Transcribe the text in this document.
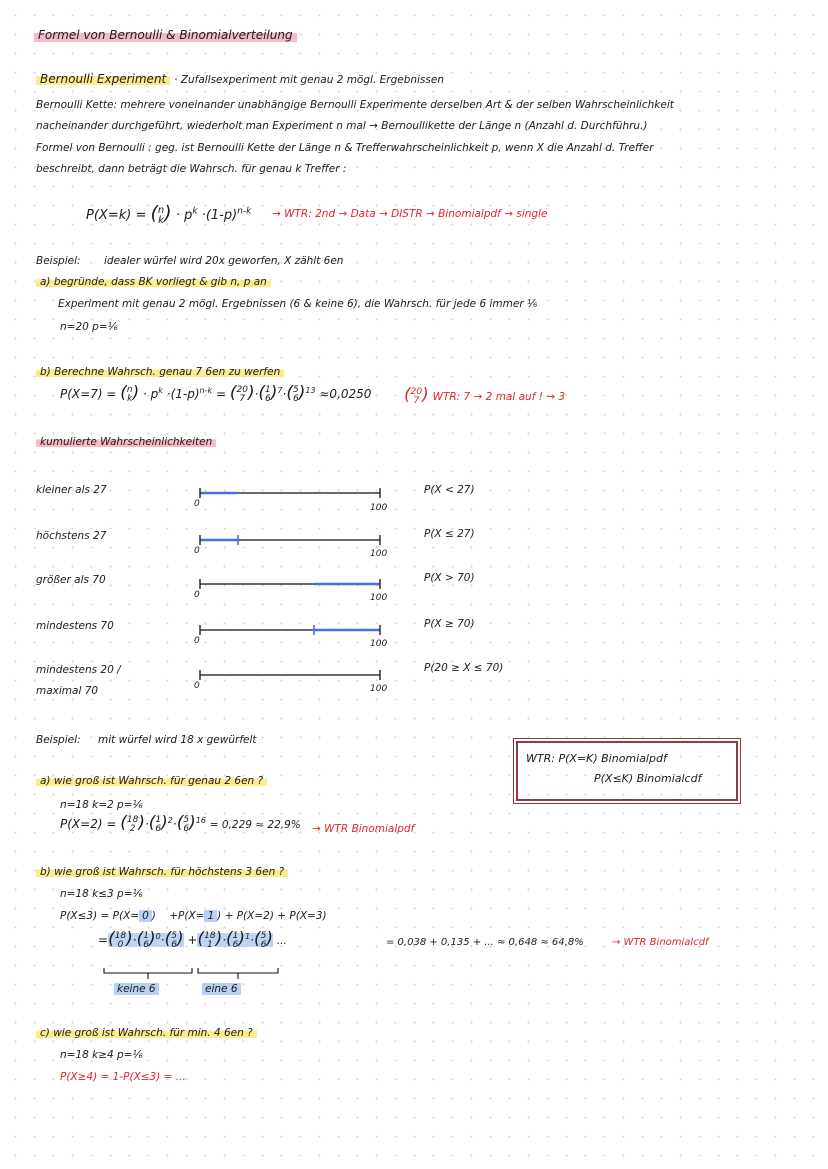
Formel von Bernoulli & Binomialverteilung
Bernoulli Experiment · Zufallsexperiment mit genau 2 mögl. Ergebnissen
Bernoulli Kette: mehrere voneinander unabhängige Bernoulli Experimente derselben Art & der selben Wahrscheinlichkeit
nacheinander durchgeführt, wiederholt man Experiment n mal → Bernoullikette der Länge n (Anzahl d. Durchführu.)
Formel von Bernoulli : geg. ist Bernoulli Kette der Länge n & Trefferwahrscheinlichkeit p, wenn X die Anzahl d. Treffer
beschreibt, dann beträgt die Wahrsch. für genau k Treffer :
P(X=k) = (n
$k) \cdot p^k \cdot(1-p)^{n-k}$ → WTR: 2nd → Data → DISTR → Binomialpdf → single
Beispiel: idealer würfel wird 20x geworfen, X zählt 6en
a) begründe, dass BK vorliegt & gib n, p an
Experiment mit genau 2 mögl. Ergebnissen (6 & keine 6), die Wahrsch. für jede 6 immer ⅙
n=20 p=⅙
b) Berechne Wahrsch. genau 7 6en zu werfen
P(X=7) = (n
$k) \cdot p^k \cdot(1-p)^{n-k} = (20$
7 )·(1
6)$^7$·(5
6)$^{13}$ ≈0,0250 (20
7 ) WTR: 7 → 2 mal auf ! → 3
kumulierte Wahrscheinlichkeiten
kleiner als 27
0	100
P(X < 27)
höchstens 27
0	100
P(X ≤ 27)
größer als 70
0	100
P(X > 70)
mindestens 70
0	100
P(X ≥ 70)
mindestens 20 /
maximal 70	0	100
P(20 ≥ X ≤ 70)
Beispiel: mit würfel wird 18 x gewürfelt
WTR: P(X=K) Binomialpdf
P(X≤K) Binomialcdf
a) wie groß ist Wahrsch. für genau 2 6en ?
n=18 k=2 p=⅙
P(X=2) = (18
2 )·(1
6)$^2$·(5
6)$^{16}$ = 0,229 ≈ 22,9% → WTR Binomialpdf
b) wie groß ist Wahrsch. für höchstens 3 6en ?
n=18 k≤3 p=⅙
P(X≤3) = P(X= 0 ) +P(X= 1 ) + P(X=2) + P(X=3)
=(18
0 )·(1
6)$^0$·(5
6) +(18
1 )·(1
6)$^1$·(5
6) ...
keine 6	eine 6
= 0,038 + 0,135 + ... ≈ 0,648 ≈ 64,8%	→ WTR Binomialcdf
c) wie groß ist Wahrsch. für min. 4 6en ?
n=18 k≥4 p=⅙
P(X≥4) = 1-P(X≤3) = ...
